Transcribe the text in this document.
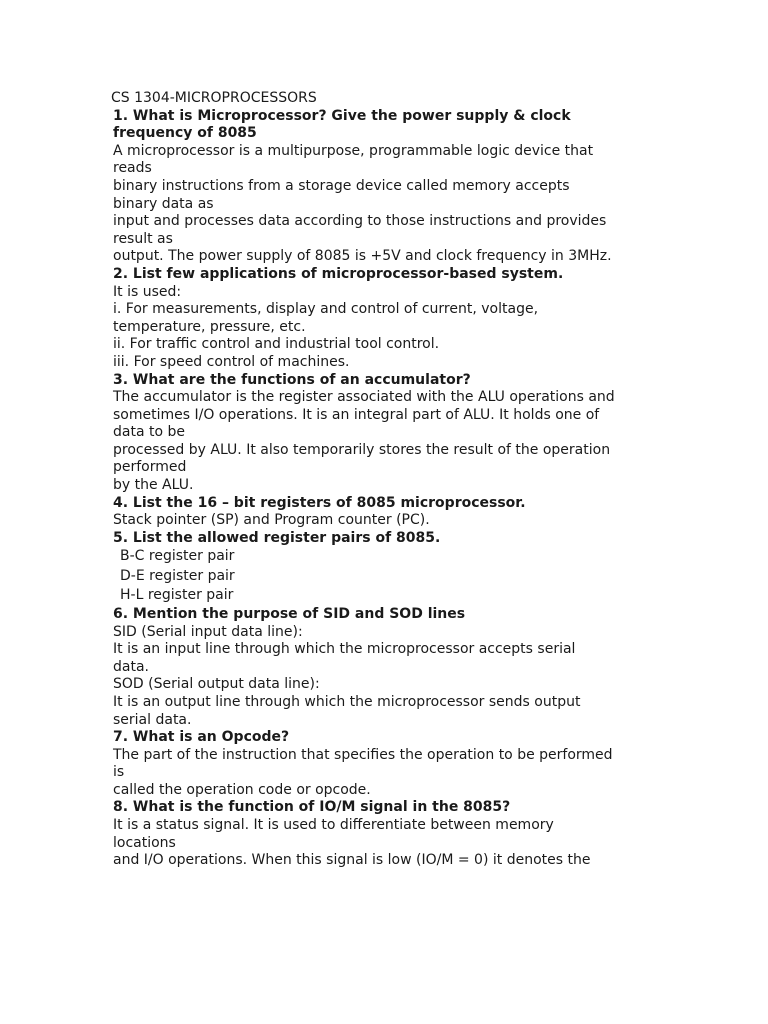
CS 1304-MICROPROCESSORS
1. What is Microprocessor? Give the power supply & clock
frequency of 8085
A microprocessor is a multipurpose, programmable logic device that
reads
binary instructions from a storage device called memory accepts
binary data as
input and processes data according to those instructions and provides
result as
output. The power supply of 8085 is +5V and clock frequency in 3MHz.
2. List few applications of microprocessor-based system.
It is used:
i. For measurements, display and control of current, voltage,
temperature, pressure, etc.
ii. For traffic control and industrial tool control.
iii. For speed control of machines.
3. What are the functions of an accumulator?
The accumulator is the register associated with the ALU operations and
sometimes I/O operations. It is an integral part of ALU. It holds one of
data to be
processed by ALU. It also temporarily stores the result of the operation
performed
by the ALU.
4. List the 16 – bit registers of 8085 microprocessor.
Stack pointer (SP) and Program counter (PC).
5. List the allowed register pairs of 8085.
B-C register pair
D-E register pair
H-L register pair
6. Mention the purpose of SID and SOD lines
SID (Serial input data line):
It is an input line through which the microprocessor accepts serial
data.
SOD (Serial output data line):
It is an output line through which the microprocessor sends output
serial data.
7. What is an Opcode?
The part of the instruction that specifies the operation to be performed
is
called the operation code or opcode.
8. What is the function of IO/M signal in the 8085?
It is a status signal. It is used to differentiate between memory
locations
and I/O operations. When this signal is low (IO/M = 0) it denotes the
